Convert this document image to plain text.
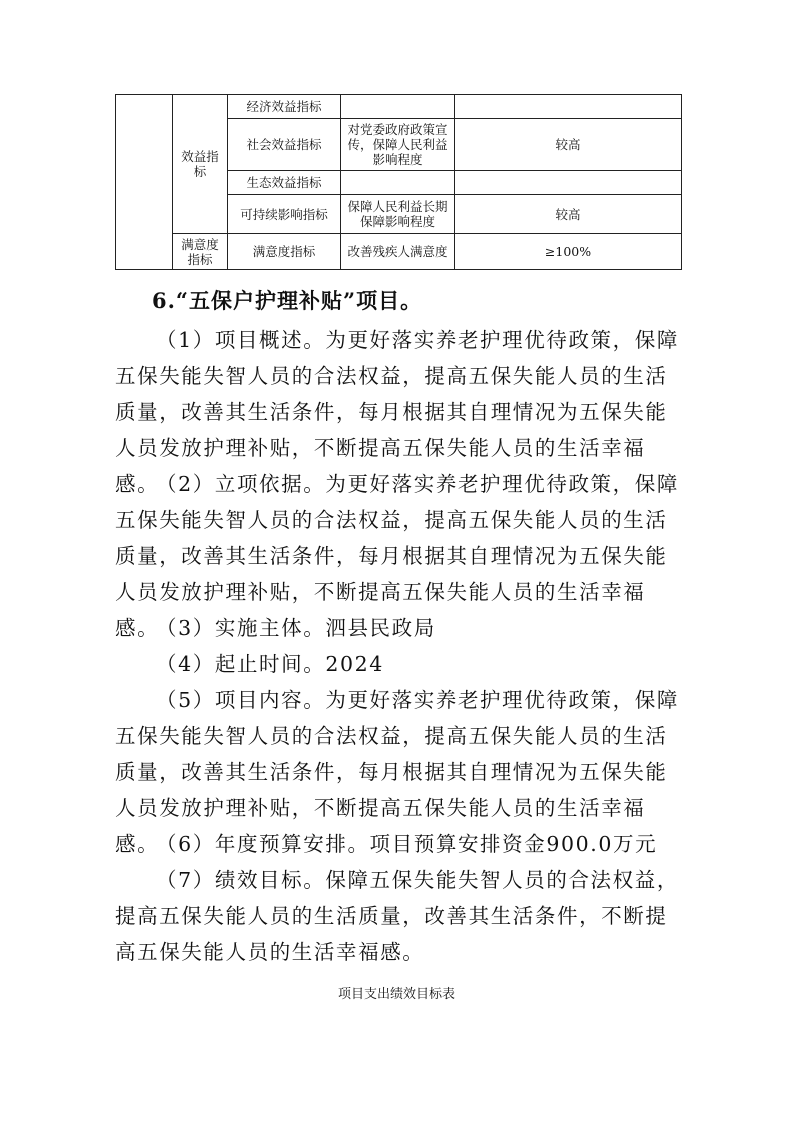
	效益指标	经济效益指标		
		社会效益指标	对党委政府政策宣传，保障人民利益影响程度	较高
		生态效益指标		
		可持续影响指标	保障人民利益长期保障影响程度	较高
	满意度指标	满意度指标	改善残疾人满意度	≥100%
6.“五保户护理补贴”项目。
（1）项目概述。为更好落实养老护理优待政策，保障五保失能失智人员的合法权益，提高五保失能人员的生活质量，改善其生活条件，每月根据其自理情况为五保失能人员发放护理补贴，不断提高五保失能人员的生活幸福感。
（2）立项依据。为更好落实养老护理优待政策，保障五保失能失智人员的合法权益，提高五保失能人员的生活质量，改善其生活条件，每月根据其自理情况为五保失能人员发放护理补贴，不断提高五保失能人员的生活幸福感。
（3）实施主体。泗县民政局
（4）起止时间。2024
（5）项目内容。为更好落实养老护理优待政策，保障五保失能失智人员的合法权益，提高五保失能人员的生活质量，改善其生活条件，每月根据其自理情况为五保失能人员发放护理补贴，不断提高五保失能人员的生活幸福感。
（6）年度预算安排。项目预算安排资金900.0万元
（7）绩效目标。保障五保失能失智人员的合法权益，提高五保失能人员的生活质量，改善其生活条件，不断提高五保失能人员的生活幸福感。
项目支出绩效目标表
